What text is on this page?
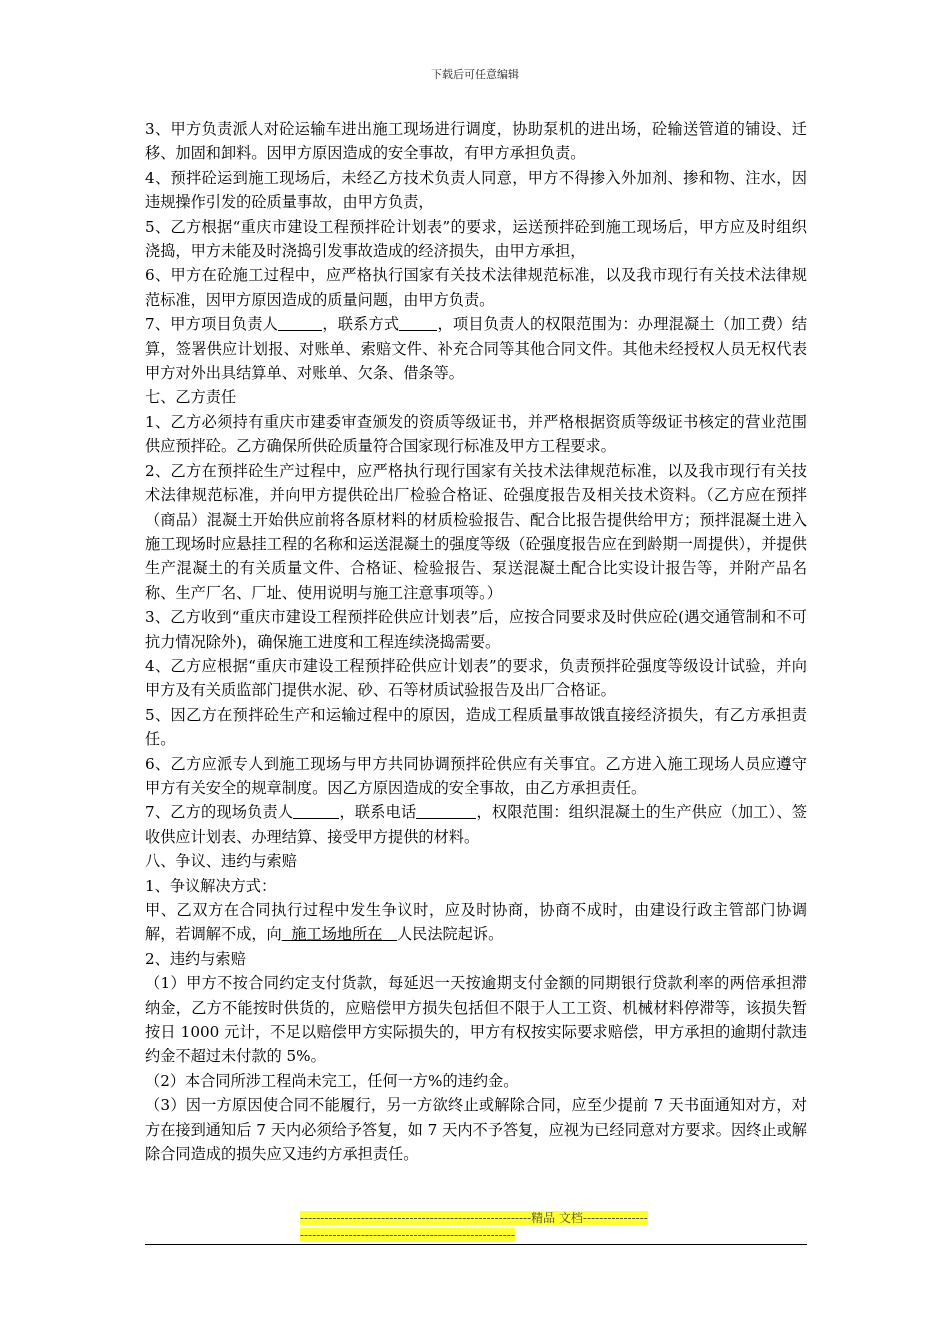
下载后可任意编辑

3、甲方负责派人对砼运输车进出施工现场进行调度，协助泵机的进出场，砼输送管道的铺设、迁移、加固和卸料。因甲方原因造成的安全事故，有甲方承担负责。

4、预拌砼运到施工现场后，未经乙方技术负责人同意，甲方不得掺入外加剂、掺和物、注水，因违规操作引发的砼质量事故，由甲方负责，

5、乙方根据“重庆市建设工程预拌砼计划表”的要求，运送预拌砼到施工现场后，甲方应及时组织浇捣，甲方未能及时浇捣引发事故造成的经济损失，由甲方承担，

6、甲方在砼施工过程中，应严格执行国家有关技术法律规范标准，以及我市现行有关技术法律规范标准，因甲方原因造成的质量问题，由甲方负责。

7、甲方项目负责人	，联系方式	，项目负责人的权限范围为：办理混凝土（加工费）结算，签署供应计划报、对账单、索赔文件、补充合同等其他合同文件。其他未经授权人员无权代表甲方对外出具结算单、对账单、欠条、借条等。

七、乙方责任

1、乙方必须持有重庆市建委审查颁发的资质等级证书，并严格根据资质等级证书核定的营业范围供应预拌砼。乙方确保所供砼质量符合国家现行标准及甲方工程要求。

2、乙方在预拌砼生产过程中，应严格执行现行国家有关技术法律规范标准，以及我市现行有关技术法律规范标准，并向甲方提供砼出厂检验合格证、砼强度报告及相关技术资料。（乙方应在预拌（商品）混凝土开始供应前将各原材料的材质检验报告、配合比报告提供给甲方；预拌混凝土进入施工现场时应悬挂工程的名称和运送混凝土的强度等级（砼强度报告应在到龄期一周提供），并提供生产混凝土的有关质量文件、合格证、检验报告、泵送混凝土配合比实设计报告等，并附产品名称、生产厂名、厂址、使用说明与施工注意事项等。）

3、乙方收到“重庆市建设工程预拌砼供应计划表”后，应按合同要求及时供应砼(遇交通管制和不可抗力情况除外)，确保施工进度和工程连续浇捣需要。

4、乙方应根据“重庆市建设工程预拌砼供应计划表”的要求，负责预拌砼强度等级设计试验，并向甲方及有关质监部门提供水泥、砂、石等材质试验报告及出厂合格证。

5、因乙方在预拌砼生产和运输过程中的原因，造成工程质量事故饿直接经济损失，有乙方承担责任。

6、乙方应派专人到施工现场与甲方共同协调预拌砼供应有关事宜。乙方进入施工现场人员应遵守甲方有关安全的规章制度。因乙方原因造成的安全事故，由乙方承担责任。

7、乙方的现场负责人	，联系电话	，权限范围：组织混凝土的生产供应（加工）、签收供应计划表、办理结算、接受甲方提供的材料。

八、争议、违约与索赔

1、争议解决方式：

甲、乙双方在合同执行过程中发生争议时，应及时协商，协商不成时，由建设行政主管部门协调解，若调解不成，向  施工场地所在   人民法院起诉。

2、违约与索赔

（1）甲方不按合同约定支付货款，每延迟一天按逾期支付金额的同期银行贷款利率的两倍承担滞纳金，乙方不能按时供货的，应赔偿甲方损失包括但不限于人工工资、机械材料停滞等，该损失暂按日 1000 元计，不足以赔偿甲方实际损失的，甲方有权按实际要求赔偿，甲方承担的逾期付款违约金不超过未付款的 5%。

（2）本合同所涉工程尚未完工，任何一方%的违约金。

（3）因一方原因使合同不能履行，另一方欲终止或解除合同，应至少提前 7 天书面通知对方，对方在接到通知后 7 天内必须给予答复，如 7 天内不予答复，应视为已经同意对方要求。因终止或解除合同造成的损失应又违约方承担责任。

---------------------------------------------------------精品 文档---------------------------------------------------------------------
